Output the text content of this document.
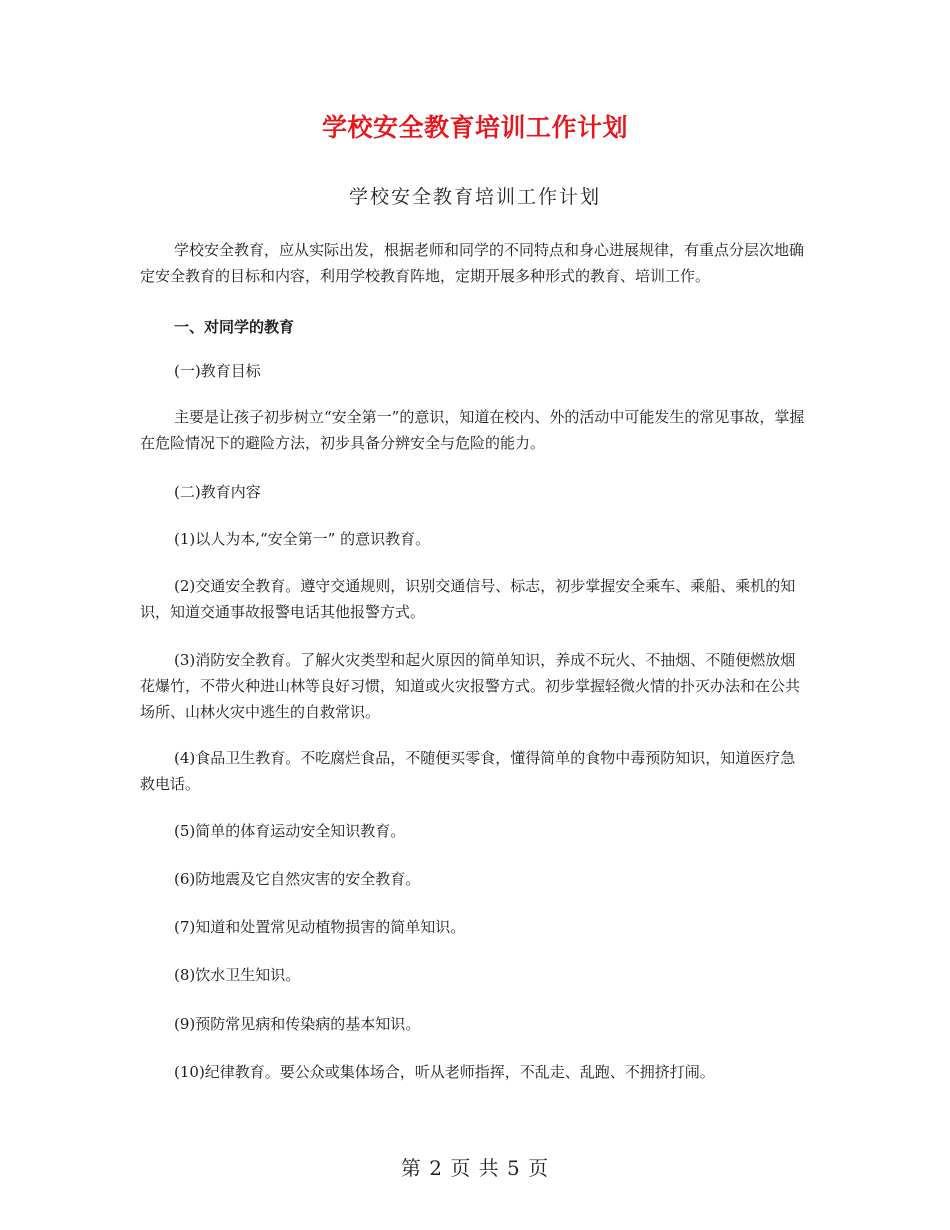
学校安全教育培训工作计划
学校安全教育培训工作计划
学校安全教育，应从实际出发，根据老师和同学的不同特点和身心进展规律，有重点分层次地确定安全教育的目标和内容，利用学校教育阵地，定期开展多种形式的教育、培训工作。
一、对同学的教育
(一)教育目标
主要是让孩子初步树立“安全第一”的意识，知道在校内、外的活动中可能发生的常见事故，掌握在危险情况下的避险方法，初步具备分辨安全与危险的能力。
(二)教育内容
(1)以人为本,“安全第一” 的意识教育。
(2)交通安全教育。遵守交通规则，识别交通信号、标志，初步掌握安全乘车、乘船、乘机的知识，知道交通事故报警电话其他报警方式。
(3)消防安全教育。了解火灾类型和起火原因的简单知识，养成不玩火、不抽烟、不随便燃放烟花爆竹，不带火种进山林等良好习惯，知道或火灾报警方式。初步掌握轻微火情的扑灭办法和在公共场所、山林火灾中逃生的自救常识。
(4)食品卫生教育。不吃腐烂食品，不随便买零食，懂得简单的食物中毒预防知识，知道医疗急救电话。
(5)简单的体育运动安全知识教育。
(6)防地震及它自然灾害的安全教育。
(7)知道和处置常见动植物损害的简单知识。
(8)饮水卫生知识。
(9)预防常见病和传染病的基本知识。
(10)纪律教育。要公众或集体场合，听从老师指挥，不乱走、乱跑、不拥挤打闹。
第 2 页 共 5 页
